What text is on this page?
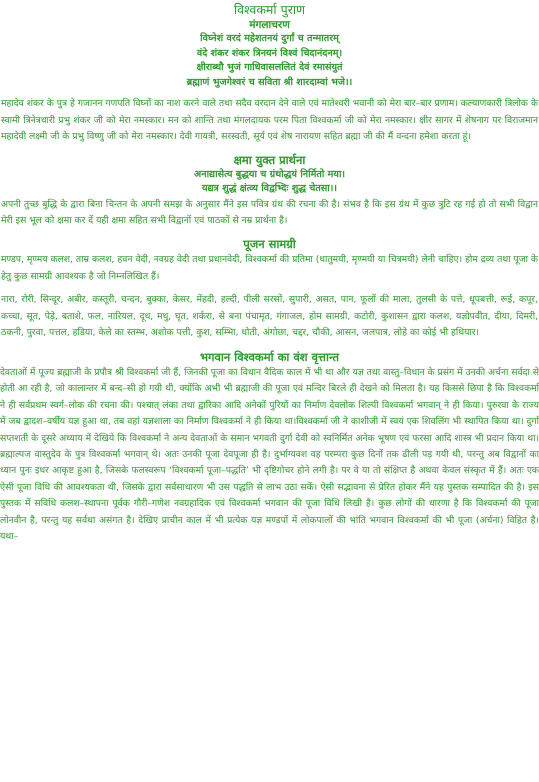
विश्वकर्मा पुराण
मंगलाचरण
विघ्नेशं वरदं महेशतनयं दुर्गां च तन्मातरम्
वंदे शंकर शंकर त्रिनयनं विश्वं चिदानंदनम्।
क्षीराब्धौ भुजं गाधिवासललितं देवं रमासंयुतं
ब्रह्माणं भुजगेश्वरं च सविता श्री शारदाम्वां भजे।।

महादेव शंकर के पुत्र हे गजानन गणपति विघ्नों का नाश करने वाले तथा सदैव वरदान देने वाले एवं मातेश्वरी भवानी को मेरा बार–बार प्रणाम। कल्याणकारी त्रिलोक के स्वामी त्रिनेत्रधारी प्रभु शंकर जी को मेरा नमस्कार। मन को शान्ति तथा मंगलदायक परम पिता विश्वकर्मा जी को मेरा नमस्कार। क्षीर सागर में शेषनाग पर विराजमान महादेवी लक्ष्मी जी के प्रभु विष्णु जी को मेरा नमस्कार। देवी गायत्री, सरस्वती, सूर्य एवं शेष नारायण सहित ब्रह्मा जी की मैं वन्दना हमेशा करता हूं।

क्षमा युक्त प्रार्थना
अनाद्यासेत्य बुद्धया च ग्रंथोद्धयं निर्मितो मया।
यद्यत्र शुद्धं क्षंत्व्य विद्वभ्दिः शुद्ध चेतसा।।

अपनी तुच्छ बुद्धि के द्वारा बिना चिन्तन के अपनी समझ के अनुसार मैंने इस पवित्र ग्रंथ की रचना की है। संभव है कि इस ग्रंथ में कुछ त्रुटि रह गई हो तो सभी विद्वान मेरी इस भूल को क्षमा कर दें यही क्षमा सहित सभी विद्वानों एवं पाठकों से नम्र प्रार्थना है।

पूजन सामग्री

मण्डप, मृण्मय कलश, ताम्र कलश, हवन वेदी, नवग्रह वेदी तथा प्रधानवेदी, विश्वकर्मा की प्रतिमा (धातुमयी, मृण्मयी या चित्रमयी) लेनी चाहिए। होम द्रव्य तथा पूजा के हेतु कुछ सामग्री आवश्यक है जो निम्नलिखित हैं।

नारा, रोरी, सिन्दूर, अबीर, कस्तूरी, चन्दन, बुक्का, केसर, मेंहदी, हल्दी, पीली सरसों, सुपारी, असत, पान, फूलों की माला, तुलसी के पत्ते, धूपबत्ती, रूई, कपूर, कच्चा, सूत, पेड़े, बताशे, फल, नारियल, दूध, मधु, घृत, शर्करा, से बना पंचामृत, गंगाजल, होम सामग्री, कटोरी, कुशासन द्वारा कलश, यज्ञोपवीत, दीया, दिमरी, ठकनी, पुरवा, पत्तल, हडिया, केले का स्तम्भ, अशोक पत्ती, कुश, सम्भिा, धोती, अंगोछा, चद्दर, चौकी, आसन, जलपात्र, लोहे का कोई भी हथियार।

भगवान विश्वकर्मा का वंश वृत्तान्त

देवताओं में पूज्य ब्रह्माजी के प्रपौत्र श्री विश्वकर्मा जी हैं, जिनकी पूजा का विधान वैदिक काल में भी था और यज्ञ तथा वास्तु–विधान के प्रसंग में उनकी अर्चना सर्वदा से होती आ रही है, जो कालान्तर में बन्द–सी हो गयी थी, क्योंकि अभी भी ब्रह्माजी की पूजा एवं मन्दिर बिरले ही देखने को मिलता है। यह किससे छिपा है कि विश्वकर्मा ने ही सर्वप्रथम स्वर्ग–लोक की रचना की। पश्चात् लंका तथा द्वारिका आदि अनेकों पुरियों का निर्माण देवलोक शिल्पी विश्वकर्मा भगवान् ने ही किया। पुरुरवा के राज्य में जब द्वादश–वर्षीय यज्ञ हुआ था, तब वहां यज्ञशाला का निर्माण विश्वकर्मा ने ही किया था।विश्वकर्मा जी ने काशीजी में स्वयं एक शिवलिंग भी स्थापित किया था। दुर्गा सप्तशती के दूसरे अध्याय में देखिये कि विश्वकर्मा ने अन्य देवताओं के समान भगवती दुर्गा देवी को स्वनिर्मित अनेक भूषण एवं फरसा आदि शास्त्र भी प्रदान किया था।ब्रह्माल्पज वास्तुदेव के पुत्र विश्वकर्मा भगवान् थे। अतः उनकी पूजा देवपूजा ही है। दुर्भाग्यवश वह परम्परा कुछ दिनों तक ढीली पड़ गयी थी, परन्तु अब विद्वानों का ध्यान पुनः इधर आकृष्ट हुआ है, जिसके फलस्वरूप ‘विश्वकर्मा पूजा–पद्धति’ भी दृष्टिगोचर होने लगी है। पर वे या तो संक्षिप्त है अथवा केवल संस्कृत में हैं। अतः एक ऐसी पूजा विधि की आवश्यकता थी, जिसके द्वारा सर्वसाधारण भी उस पद्धति से लाभ उठा सकें। ऐसी सद्भावना से प्रेरित होकर मैंने यह पुस्तक सम्पादित की है। इस पुस्तक में सविधि कलश–स्थापना पूर्वक गौरी–गणेश नवग्रहादिक एवं विश्वकर्मा भगवान की पूजा विधि लिखी है। कुछ लोगों की धारणा है कि विश्वकर्मा की पूजा लोनवीन है, परन्तु यह सर्वथा असंगत है। देखिए प्राचीन काल में भी प्रत्येक यज्ञ मण्डपों में लोकपालों की भांति भगवान विश्वकर्मा की भी पूजा (अर्चना) विहित है। यथा–
